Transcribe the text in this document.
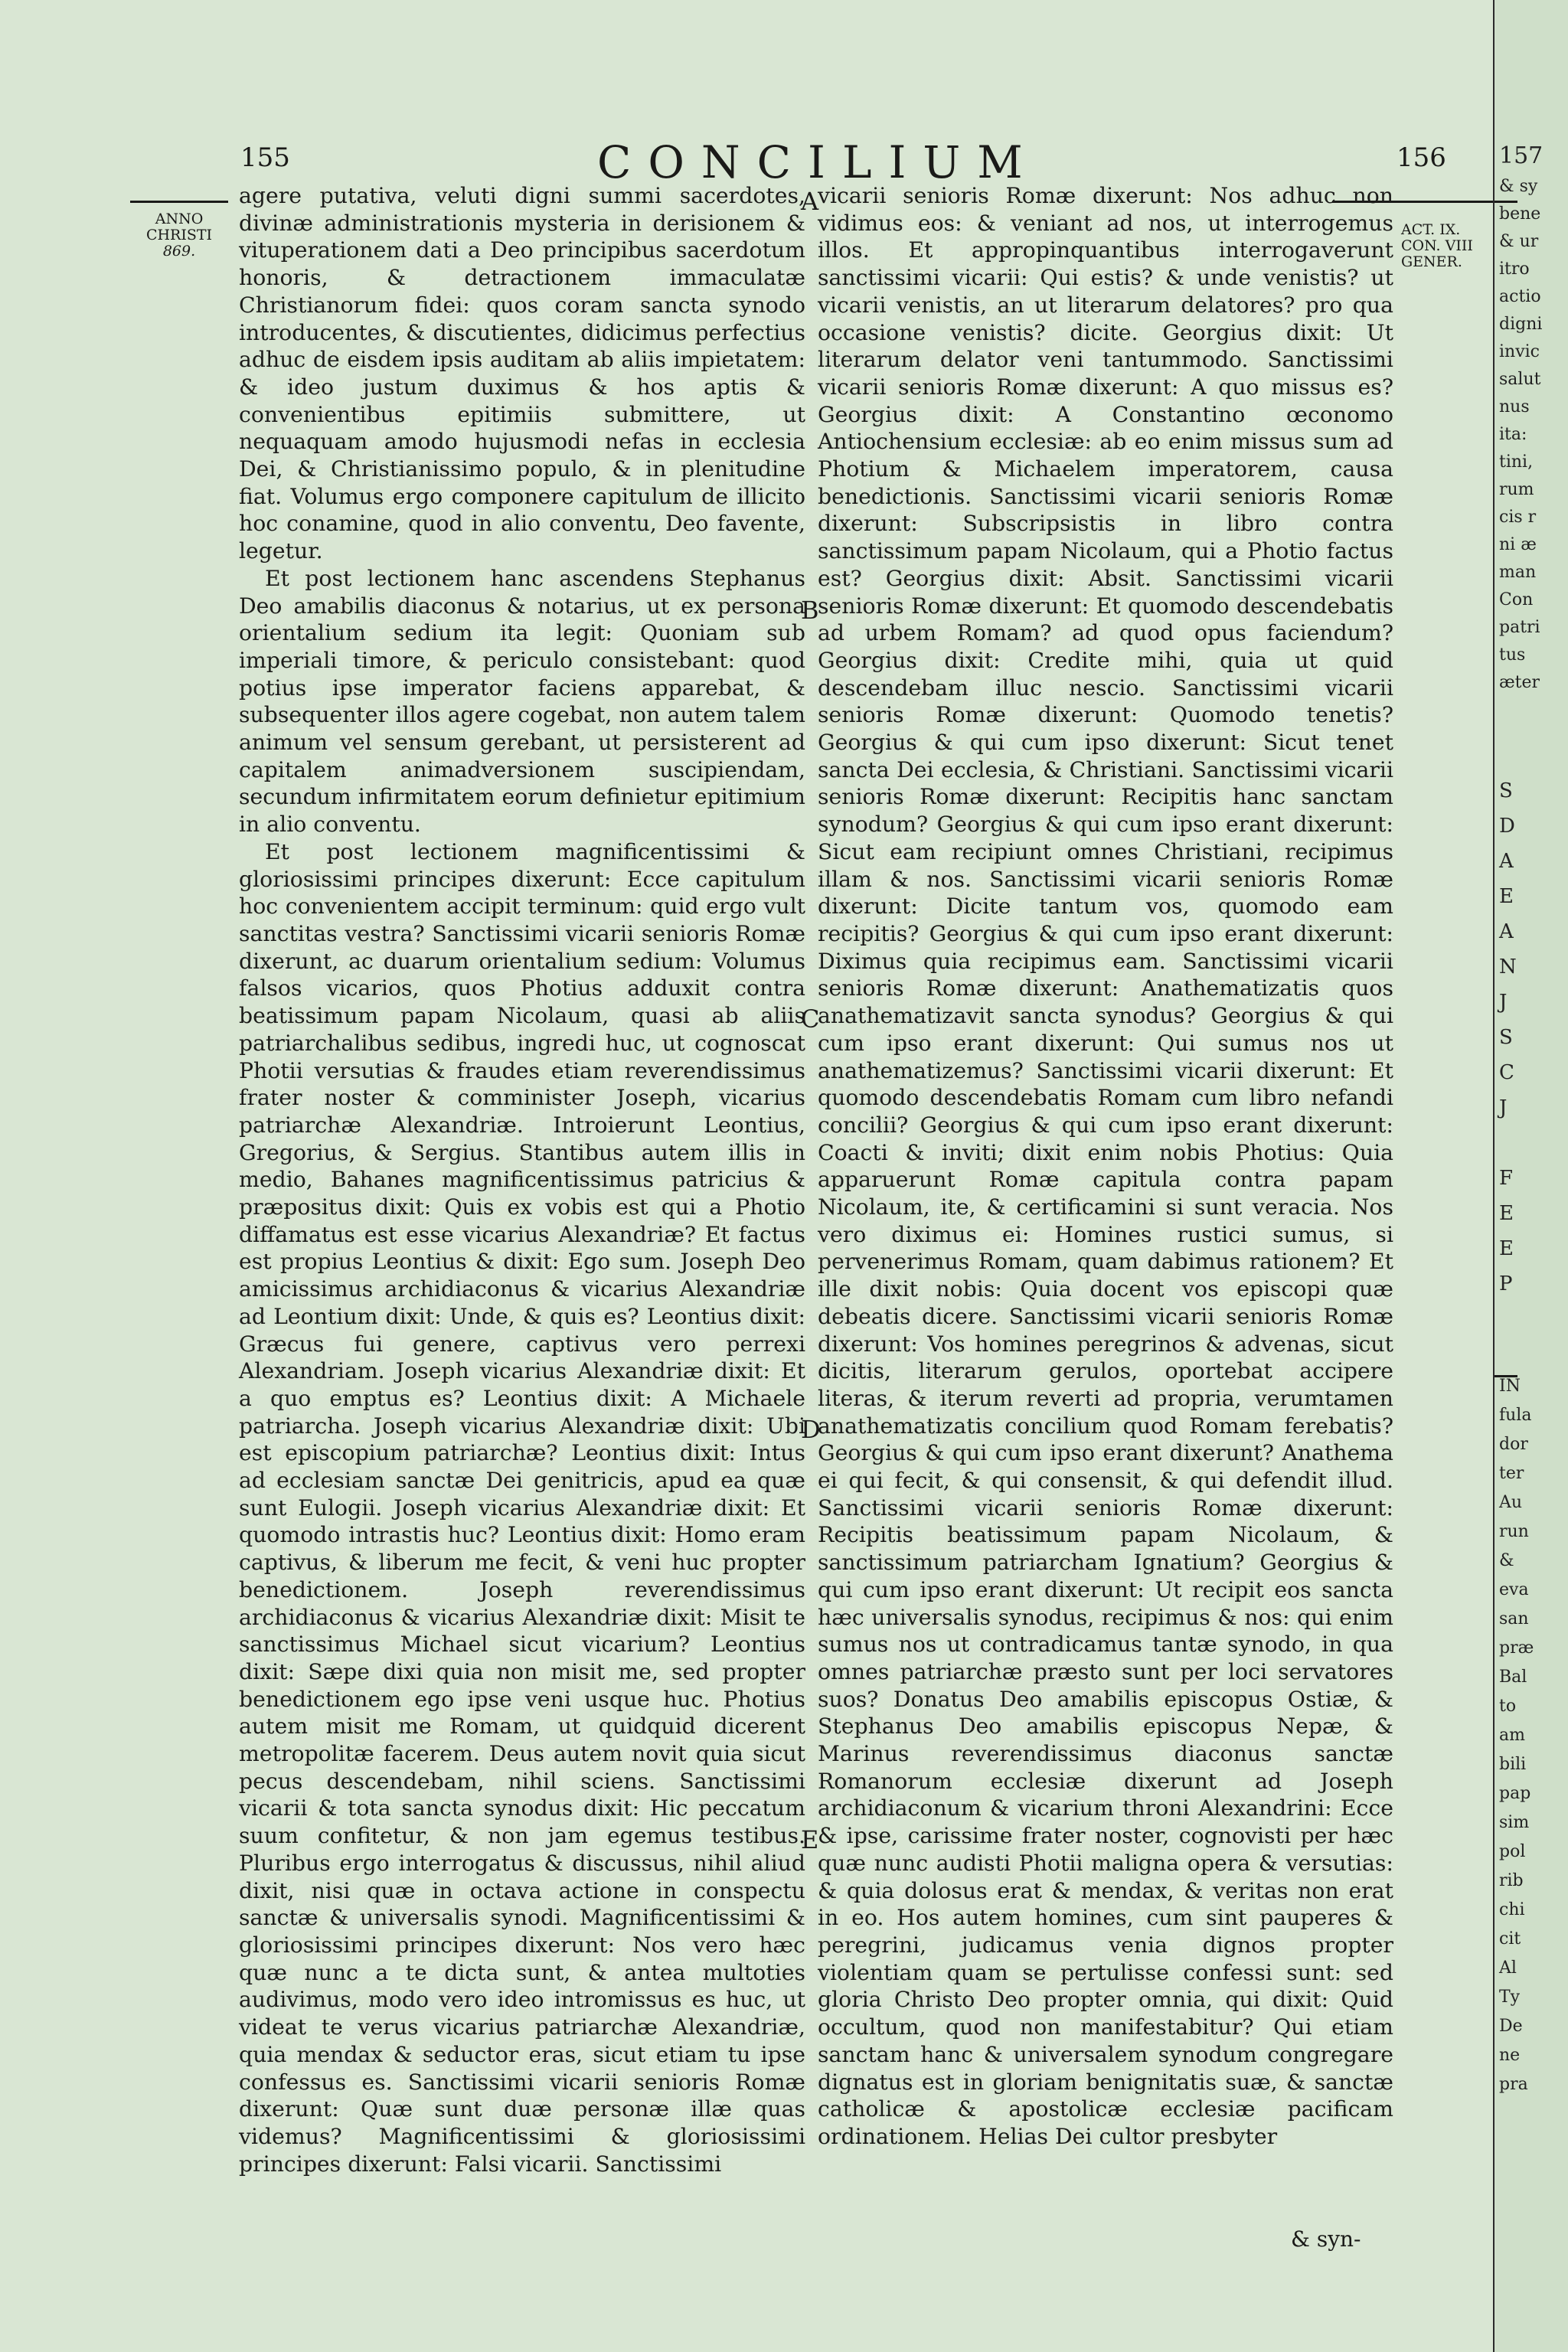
155	CONCILIUM	156
ANNO
CHRISTI
869.
ACT. IX.
CON. VIII
GENER.

agere putativa, veluti digni summi sacerdotes, divinæ administrationis mysteria in derisionem & vituperationem dati a Deo principibus sacerdotum honoris, & detractionem immaculatæ Christianorum fidei: quos coram sancta synodo introducentes, & discutientes, didicimus perfectius adhuc de eisdem ipsis auditam ab aliis impietatem: & ideo justum duximus & hos aptis & convenientibus epitimiis submittere, ut nequaquam amodo hujusmodi nefas in ecclesia Dei, & Christianissimo populo, & in plenitudine fiat. Volumus ergo componere capitulum de illicito hoc conamine, quod in alio conventu, Deo favente, legetur.

Et post lectionem hanc ascendens Stephanus Deo amabilis diaconus & notarius, ut ex persona orientalium sedium ita legit: Quoniam sub imperiali timore, & periculo consistebant: quod potius ipse imperator faciens apparebat, & subsequenter illos agere cogebat, non autem talem animum vel sensum gerebant, ut persisterent ad capitalem animadversionem suscipiendam, secundum infirmitatem eorum definietur epitimium in alio conventu.

Et post lectionem magnificentissimi & gloriosissimi principes dixerunt: Ecce capitulum hoc convenientem accipit terminum: quid ergo vult sanctitas vestra? Sanctissimi vicarii senioris Romæ dixerunt, ac duarum orientalium sedium: Volumus falsos vicarios, quos Photius adduxit contra beatissimum papam Nicolaum, quasi ab aliis patriarchalibus sedibus, ingredi huc, ut cognoscat Photii versutias & fraudes etiam reverendissimus frater noster & comminister Joseph, vicarius patriarchæ Alexandriæ. Introierunt Leontius, Gregorius, & Sergius. Stantibus autem illis in medio, Bahanes magnificentissimus patricius & præpositus dixit: Quis ex vobis est qui a Photio diffamatus est esse vicarius Alexandriæ? Et factus est propius Leontius & dixit: Ego sum. Joseph Deo amicissimus archidiaconus & vicarius Alexandriæ ad Leontium dixit: Unde, & quis es? Leontius dixit: Græcus fui genere, captivus vero perrexi Alexandriam. Joseph vicarius Alexandriæ dixit: Et a quo emptus es? Leontius dixit: A Michaele patriarcha. Joseph vicarius Alexandriæ dixit: Ubi est episcopium patriarchæ? Leontius dixit: Intus ad ecclesiam sanctæ Dei genitricis, apud ea quæ sunt Eulogii. Joseph vicarius Alexandriæ dixit: Et quomodo intrastis huc? Leontius dixit: Homo eram captivus, & liberum me fecit, & veni huc propter benedictionem. Joseph reverendissimus archidiaconus & vicarius Alexandriæ dixit: Misit te sanctissimus Michael sicut vicarium? Leontius dixit: Sæpe dixi quia non misit me, sed propter benedictionem ego ipse veni usque huc. Photius autem misit me Romam, ut quidquid dicerent metropolitæ facerem. Deus autem novit quia sicut pecus descendebam, nihil sciens. Sanctissimi vicarii & tota sancta synodus dixit: Hic peccatum suum confitetur, & non jam egemus testibus. Pluribus ergo interrogatus & discussus, nihil aliud dixit, nisi quæ in octava actione in conspectu sanctæ & universalis synodi. Magnificentissimi & gloriosissimi principes dixerunt: Nos vero hæc quæ nunc a te dicta sunt, & antea multoties audivimus, modo vero ideo intromissus es huc, ut videat te verus vicarius patriarchæ Alexandriæ, quia mendax & seductor eras, sicut etiam tu ipse confessus es. Sanctissimi vicarii senioris Romæ dixerunt: Quæ sunt duæ personæ illæ quas videmus? Magnificentissimi & gloriosissimi principes dixerunt: Falsi vicarii. Sanctissimi

A
B
C
D
E

vicarii senioris Romæ dixerunt: Nos adhuc non vidimus eos: & veniant ad nos, ut interrogemus illos. Et appropinquantibus interrogaverunt sanctissimi vicarii: Qui estis? & unde venistis? ut vicarii venistis, an ut literarum delatores? pro qua occasione venistis? dicite. Georgius dixit: Ut literarum delator veni tantummodo. Sanctissimi vicarii senioris Romæ dixerunt: A quo missus es? Georgius dixit: A Constantino œconomo Antiochensium ecclesiæ: ab eo enim missus sum ad Photium & Michaelem imperatorem, causa benedictionis. Sanctissimi vicarii senioris Romæ dixerunt: Subscripsistis in libro contra sanctissimum papam Nicolaum, qui a Photio factus est? Georgius dixit: Absit. Sanctissimi vicarii senioris Romæ dixerunt: Et quomodo descendebatis ad urbem Romam? ad quod opus faciendum? Georgius dixit: Credite mihi, quia ut quid descendebam illuc nescio. Sanctissimi vicarii senioris Romæ dixerunt: Quomodo tenetis? Georgius & qui cum ipso dixerunt: Sicut tenet sancta Dei ecclesia, & Christiani. Sanctissimi vicarii senioris Romæ dixerunt: Recipitis hanc sanctam synodum? Georgius & qui cum ipso erant dixerunt: Sicut eam recipiunt omnes Christiani, recipimus illam & nos. Sanctissimi vicarii senioris Romæ dixerunt: Dicite tantum vos, quomodo eam recipitis? Georgius & qui cum ipso erant dixerunt: Diximus quia recipimus eam. Sanctissimi vicarii senioris Romæ dixerunt: Anathematizatis quos anathematizavit sancta synodus? Georgius & qui cum ipso erant dixerunt: Qui sumus nos ut anathematizemus? Sanctissimi vicarii dixerunt: Et quomodo descendebatis Romam cum libro nefandi concilii? Georgius & qui cum ipso erant dixerunt: Coacti & inviti; dixit enim nobis Photius: Quia apparuerunt Romæ capitula contra papam Nicolaum, ite, & certificamini si sunt veracia. Nos vero diximus ei: Homines rustici sumus, si pervenerimus Romam, quam dabimus rationem? Et ille dixit nobis: Quia docent vos episcopi quæ debeatis dicere. Sanctissimi vicarii senioris Romæ dixerunt: Vos homines peregrinos & advenas, sicut dicitis, literarum gerulos, oportebat accipere literas, & iterum reverti ad propria, verumtamen anathematizatis concilium quod Romam ferebatis? Georgius & qui cum ipso erant dixerunt? Anathema ei qui fecit, & qui consensit, & qui defendit illud. Sanctissimi vicarii senioris Romæ dixerunt: Recipitis beatissimum papam Nicolaum, & sanctissimum patriarcham Ignatium? Georgius & qui cum ipso erant dixerunt: Ut recipit eos sancta hæc universalis synodus, recipimus & nos: qui enim sumus nos ut contradicamus tantæ synodo, in qua omnes patriarchæ præsto sunt per loci servatores suos? Donatus Deo amabilis episcopus Ostiæ, & Stephanus Deo amabilis episcopus Nepæ, & Marinus reverendissimus diaconus sanctæ Romanorum ecclesiæ dixerunt ad Joseph archidiaconum & vicarium throni Alexandrini: Ecce & ipse, carissime frater noster, cognovisti per hæc quæ nunc audisti Photii maligna opera & versutias: & quia dolosus erat & mendax, & veritas non erat in eo. Hos autem homines, cum sint pauperes & peregrini, judicamus venia dignos propter violentiam quam se pertulisse confessi sunt: sed gloria Christo Deo propter omnia, qui dixit: Quid occultum, quod non manifestabitur? Qui etiam sanctam hanc & universalem synodum congregare dignatus est in gloriam benignitatis suæ, & sanctæ catholicæ & apostolicæ ecclesiæ pacificam ordinationem. Helias Dei cultor presbyter

& syn-
157
& sy
bene
& ur
itro
actio
digni
invic
salut
nus
ita:
tini,
rum
cis r
ni æ
man
Con
patri
tus
æter
S
D
A
E
A
N
J
S
C
J

F
E
E
P
IN
fula
dor
ter
Au
run
&
eva
san
præ
Bal
to
am
bili
pap
sim
pol
rib
chi
cit
Al
Ty
De
ne
pra
